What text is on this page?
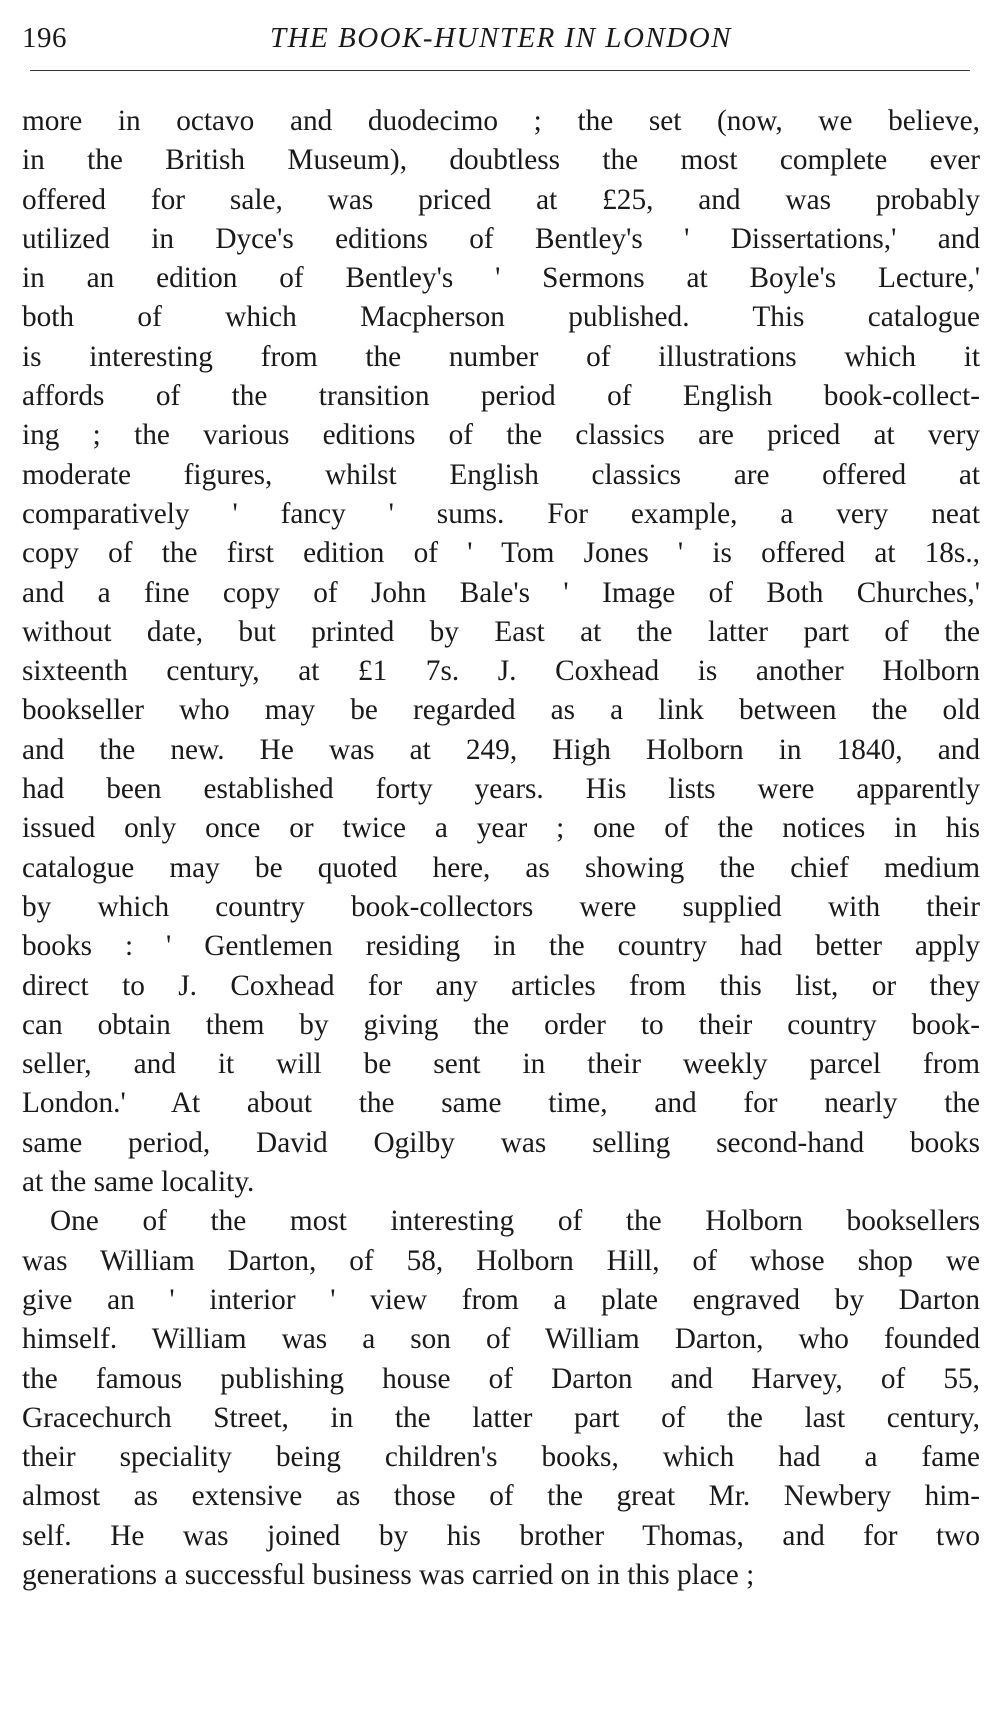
196	THE BOOK-HUNTER IN LONDON
more in octavo and duodecimo ; the set (now, we believe,
in the British Museum), doubtless the most complete ever
offered for sale, was priced at £25, and was probably
utilized in Dyce's editions of Bentley's ' Dissertations,' and
in an edition of Bentley's ' Sermons at Boyle's Lecture,'
both of which Macpherson published. This catalogue
is interesting from the number of illustrations which it
affords of the transition period of English book-collect-
ing ; the various editions of the classics are priced at very
moderate figures, whilst English classics are offered at
comparatively ' fancy ' sums. For example, a very neat
copy of the first edition of ' Tom Jones ' is offered at 18s.,
and a fine copy of John Bale's ' Image of Both Churches,'
without date, but printed by East at the latter part of the
sixteenth century, at £1 7s. J. Coxhead is another Holborn
bookseller who may be regarded as a link between the old
and the new. He was at 249, High Holborn in 1840, and
had been established forty years. His lists were apparently
issued only once or twice a year ; one of the notices in his
catalogue may be quoted here, as showing the chief medium
by which country book-collectors were supplied with their
books : ' Gentlemen residing in the country had better apply
direct to J. Coxhead for any articles from this list, or they
can obtain them by giving the order to their country book-
seller, and it will be sent in their weekly parcel from
London.' At about the same time, and for nearly the
same period, David Ogilby was selling second-hand books
at the same locality.
One of the most interesting of the Holborn booksellers
was William Darton, of 58, Holborn Hill, of whose shop we
give an ' interior ' view from a plate engraved by Darton
himself. William was a son of William Darton, who founded
the famous publishing house of Darton and Harvey, of 55,
Gracechurch Street, in the latter part of the last century,
their speciality being children's books, which had a fame
almost as extensive as those of the great Mr. Newbery him-
self. He was joined by his brother Thomas, and for two
generations a successful business was carried on in this place ;
